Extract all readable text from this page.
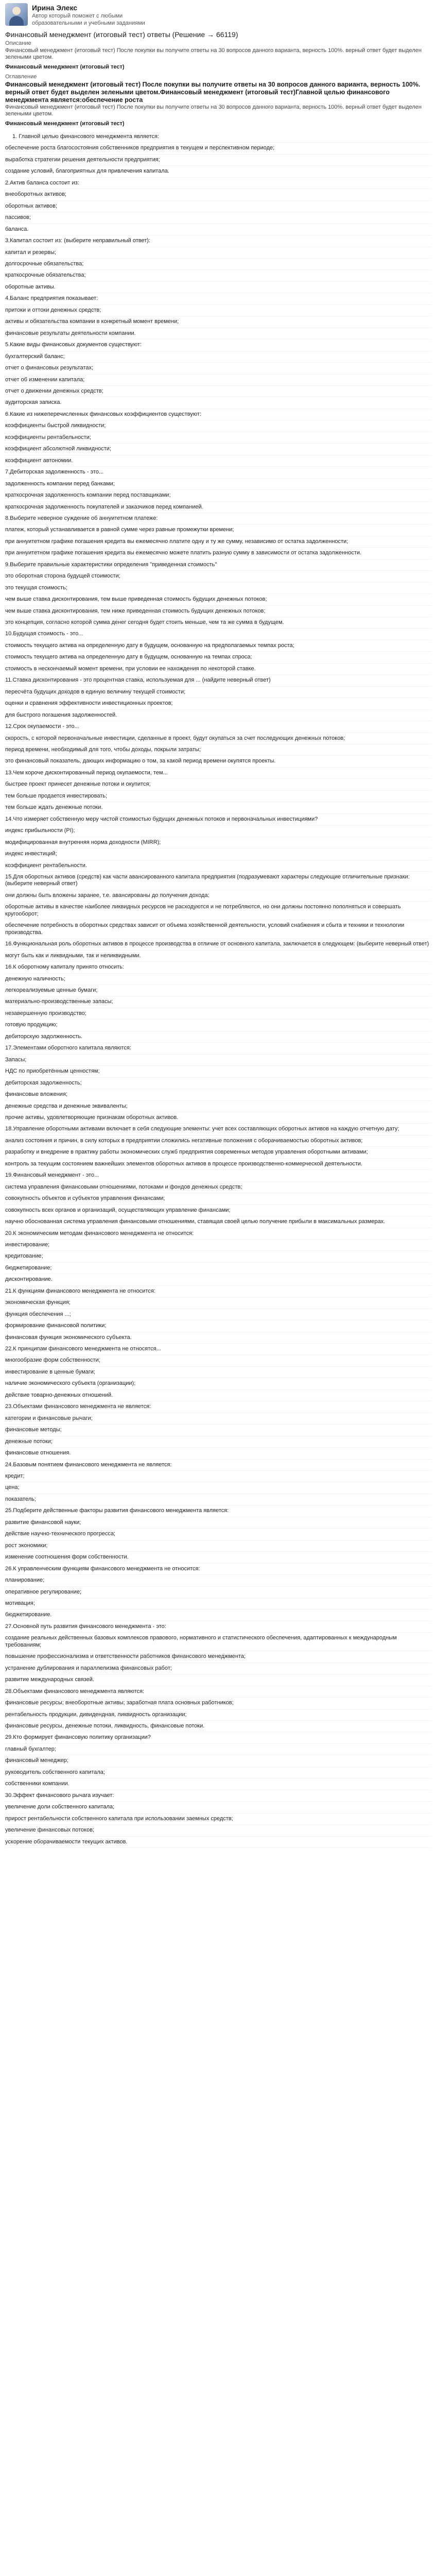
Ирина Элекс
Автор который поможет с любыми образовательными и учебными заданиями
Финансовый менеджмент (итоговый тест) ответы (Решение → 66119)

Описание

Финансовый менеджмент (итоговый тест) После покупки вы получите ответы на 30 вопросов данного варианта, верность 100%. верный ответ будет выделен зелеными цветом.

Финансовый менеджмент (итоговый тест)

Оглавление

Финансовый менеджмент (итоговый тест) После покупки вы получите ответы на 30 вопросов данного варианта, верность 100%. верный ответ будет выделен зелеными цветом.Финансовый менеджмент (итоговый тест)Главной целью финансового менеджмента является:обеспечение роста

Финансовый менеджмент (итоговый тест) После покупки вы получите ответы на 30 вопросов данного варианта, верность 100%. верный ответ будет выделен зелеными цветом.

Финансовый менеджмент (итоговый тест)

1. Главной целью финансового менеджмента является:
обеспечение роста благосостояния собственников предприятия в текущем и перспективном периоде;
выработка стратегии решения деятельности предприятия;
создание условий, благоприятных для привлечения капитала.
2.Актив баланса состоит из:
внеоборотных активов;
оборотных активов;
пассивов;
баланса.
3.Капитал состоит из: (выберите неправильный ответ):
капитал и резервы;
долгосрочные обязательства;
краткосрочные обязательства;
оборотные активы.
4.Баланс предприятия показывает:
притоки и оттоки денежных средств;
активы и обязательства компании в конкретный момент времени;
финансовые результаты деятельности компании.
5.Какие виды финансовых документов существуют:
бухгалтерский баланс;
отчет о финансовых результатах;
отчет об изменении капитала;
отчет о движении денежных средств;
аудиторская записка.
6.Какие из нижеперечисленных финансовых коэффициентов существуют:
коэффициенты быстрой ликвидности;
коэффициенты рентабельности;
коэффициент абсолютной ликвидности;
коэффициент автономии.
7.Дебиторская задолженность - это...
задолженность компании перед банками;
краткосрочная задолженность компании перед поставщиками;
краткосрочная задолженность покупателей и заказчиков перед компанией.
8.Выберите неверное суждение об аннуитетном платеже:
платеж, который устанавливается в равной сумме через равные промежутки времени;
при аннуитетном графике погашения кредита вы ежемесячно платите одну и ту же сумму, независимо от остатка задолженности;
при аннуитетном графике погашения кредита вы ежемесячно можете платить разную сумму в зависимости от остатка задолженности.
9.Выберите правильные характеристики определения "приведенная стоимость"
это оборотная сторона будущей стоимости;
это текущая стоимость;
чем выше ставка дисконтирования, тем выше приведенная стоимость будущих денежных потоков;
чем выше ставка дисконтирования, тем ниже приведенная стоимость будущих денежных потоков;
это концепция, согласно которой сумма денег сегодня будет стоить меньше, чем та же сумма в будущем.
10.Будущая стоимость - это...
стоимость текущего актива на определенную дату в будущем, основанную на предполагаемых темпах роста;
стоимость текущего актива на определенную дату в будущем, основанную на темпах спроса;
стоимость в нескончаемый момент времени, при условии ее нахождения по некоторой ставке.
11.Ставка дисконтирования - это процентная ставка, используемая для ... (найдите неверный ответ)
пересчёта будущих доходов в единую величину текущей стоимости;
оценки и сравнения эффективности инвестиционных проектов;
для быстрого погашения задолженностей.
12.Срок окупаемости - это...
скорость, с которой первоначальные инвестиции, сделанные в проект, будут окупаться за счет последующих денежных потоков;
период времени, необходимый для того, чтобы доходы, покрыли затраты;
это финансовый показатель, дающих информацию о том, за какой период времени окупятся проекты.
13.Чем короче дисконтированный период окупаемости, тем...
быстрее проект принесет денежные потоки и окупится;
тем больше продается инвестировать;
тем больше ждать денежные потоки.
14.Что измеряет собственную меру чистой стоимостью будущих денежных потоков и первоначальных инвестициями?
индекс прибыльности (PI);
модифицированная внутренняя норма доходности (MIRR);
индекс инвестиций;
коэффициент рентабельности.
15.Для оборотных активов (средств) как части авансированного капитала предприятия (подразумевают характеры следующие отличительные признаки: (выберите неверный ответ)
они должны быть вложены заранее, т.е. авансированы до получения дохода;
оборотные активы в качестве наиболее ликвидных ресурсов не расходуются и не потребляются, но они должны постоянно пополняться и совершать кругооборот;
обеспечение потребность в оборотных средствах зависит от объема хозяйственной деятельности, условий снабжения и сбыта и техники и технологии производства.
16.Функциональная роль оборотных активов в процессе производства в отличие от основного капитала, заключается в следующем: (выберите неверный ответ)
могут быть как и ликвидными, так и неликвидными.
16.К оборотному капиталу принято относить:
денежную наличность;
легкореализуемые ценные бумаги;
материально-производственные запасы;
незавершенную производство;
готовую продукцию;
дебиторскую задолженность.
17.Элементами оборотного капитала являются:
Запасы;
НДС по приобретённым ценностям;
дебиторская задолженность;
финансовые вложения;
денежные средства и денежные эквиваленты;
прочие активы, удовлетворяющие признакам оборотных активов.
18.Управление оборотными активами включает в себя следующие элементы: учет всех составляющих оборотных активов на каждую отчетную дату;
анализ состояния и причин, в силу которых в предприятии сложились негативные положения с оборачиваемостью оборотных активов;
разработку и внедрение в практику работы экономических служб предприятия современных методов управления оборотными активами;
контроль за текущим состоянием важнейших элементов оборотных активов в процессе производственно-коммерческой деятельности.
19.Финансовый менеджмент - это...
система управления финансовыми отношениями, потоками и фондов денежных средств;
совокупность объектов и субъектов управления финансами;
совокупность всех органов и организаций, осуществляющих управление финансами;
научно обоснованная система управления финансовыми отношениями, ставящая своей целью получение прибыли в максимальных размерах.
20.К экономическим методам финансового менеджмента не относится:
инвестирование;
кредитование;
бюджетирование;
дисконтирование.
21.К функциям финансового менеджмента не относится:
экономическая функция;
функция обеспечения ...;
формирование финансовой политики;
финансовая функция экономического субъекта.
22.К принципам финансового менеджмента не относятся...
многообразие форм собственности;
инвестирование в ценные бумаги;
наличие экономического субъекта (организации);
действие товарно-денежных отношений.
23.Объектами финансового менеджмента не является:
категории и финансовые рычаги;
финансовые методы;
денежные потоки;
финансовые отношения.
24.Базовым понятием финансового менеджмента не является:
кредит;
цена;
показатель;
25.Подберите действенные факторы развития финансового менеджмента является:
развитие финансовой науки;
действие научно-технического прогресса;
рост экономики;
изменение соотношения форм собственности.
26.К управленческим функциям финансового менеджмента не относится:
планирование;
оперативное регулирование;
мотивация;
бюджетирование.
27.Основной путь развития финансового менеджмента - это:
создание реальных действенных базовых комплексов правового, нормативного и статистического обеспечения, адаптированных к международным требованиям;
повышение профессионализма и ответственности работников финансового менеджмента;
устранение дублирования и параллелизма финансовых работ;
развитие международных связей.
28.Объектами финансового менеджмента являются:
финансовые ресурсы; внеоборотные активы; заработная плата основных работников;
рентабельность продукции, дивидендная, ликвидность организации;
финансовые ресурсы, денежные потоки, ликвидность, финансовые потоки.
29.Кто формирует финансовую политику организации?
главный бухгалтер;
финансовый менеджер;
руководитель собственного капитала;
собственники компании.
30.Эффект финансового рычага изучает:
увеличение доли собственного капитала;
прирост рентабельности собственного капитала при использовании заемных средств;
увеличение финансовых потоков;
ускорение оборачиваемости текущих активов.
